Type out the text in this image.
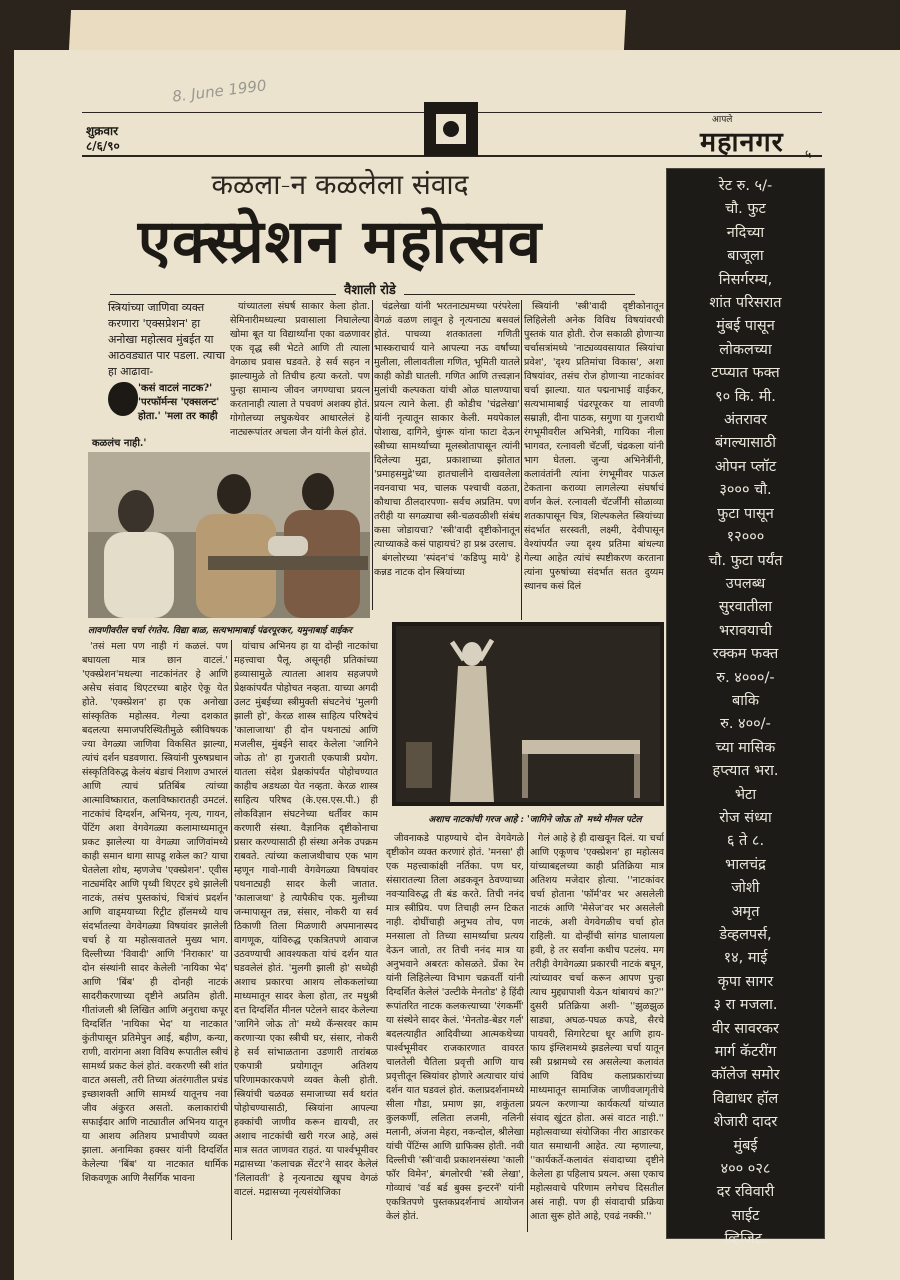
8. June 1990
शुक्रवार
८/६/९०
आपले
महानगर ५
कळला-न कळलेला संवाद
एक्स्प्रेशन महोत्सव
वैशाली रोडे
स्त्रियांच्या जाणिवा व्यक्त करणारा 'एक्सप्रेशन' हा अनोखा महोत्सव मुंबईत या आठवड्यात पार पडला. त्याचा हा आढावा-
'कसं वाटलं नाटक?' 'परफॉर्मन्स 'एक्सलन्ट' होता.' 'मला तर काही
कळलंच नाही.'

यांच्यातला संघर्ष साकार केला होता. सेमिनारीमध्यल्या प्रवासाला निघालेल्या खोमा बूत या विद्यार्थ्यांना एका वळणावर एक वृद्ध स्त्री भेटते आणि ती त्याला वेगळाच प्रवास घडवते. हे सर्व सहन न झाल्यामुळे तो तिचीच हत्या करतो. पण पुन्हा सामान्य जीवन जगण्याचा प्रयत्न करतानाही त्याला ते पचवणं अशक्य होतं. गोगोलच्या लघुकथेवर आधारलेलं हे नाट्यरूपांतर अचला जैन यांनी केलं होतं.

चंद्रलेखा यांनी भरतनाट्यमच्या परंपरेला वेगळं वळण लावून हे नृत्यनाट्य बसवलं होतं. पाचव्या शतकातला गणिती भास्कराचार्य याने आपल्या नऊ वर्षांच्या मुलीला, लीलावतीला गणित, भूमिती यातले काही कोडी घातली. गणित आणि तत्त्वज्ञान मुलांची कल्पकता यांची ओळ घालण्याचा प्रयत्न त्याने केला. ही कोडीच 'चंद्रलेखा' यांनी नृत्यातून साकार केली. मयपेकाल पोशाख, दागिने, धुंगरू यांना फाटा देऊन स्त्रीच्या सामर्थ्याच्या मूलस्त्रोतापासून त्यांनी दिलेल्या मुद्रा, प्रकाशाच्या झोतात 'प्रमाहसमुद्रे'च्या हातचालीने दाखवलेला नवनवाचा भव, चालक पश्चाची वळता, कौथाचा ठीलदारपणा- सर्वच अप्रतिम. पण तरीही या सगळ्याचा स्त्री-चळवळीशी संबंध कसा जोडायचा? 'स्त्री'वादी दृष्टीकोनातून त्याच्याकडे कसं पाहायचं? हा प्रश्न उरलाच.

बंगलोरच्या 'स्पंदन'चं 'कडिप्पु माये' हे कन्नड नाटक दोन स्त्रियांच्या

स्त्रियांनी 'स्त्री'वादी दृष्टीकोनातून लिहिलेली अनेक विविध विषयांवरची पुस्तकं यात होती. रोज सकाळी होणाऱ्या चर्चासत्रांमध्ये 'नाट्यव्यवसायात स्त्रियांचा प्रवेश', 'दृश्य प्रतिमांचा विकास', अशा विषयांवर, तसंच रोज होणाऱ्या नाटकांवर चर्चा झाल्या. यात पद्मनाभाई वाईकर, सत्यभामाबाई पंढरपूरकर या लावणी सम्राज्ञी, दीना पाठक, सगुणा या गुजराथी रंगभूमीवरील अभिनेत्री, गायिका नीला भागवत, रत्नावली चॅटर्जी, चंद्रकला यांनी भाग घेतला. जुन्या अभिनेत्रींनी, कलावंतांनी त्यांना रंगभूमीवर पाऊल टेकताना कराव्या लागलेल्या संघर्षाचं वर्णन केलं. रत्नावली चॅटर्जींनी सोळाव्या शतकापासून चित्र, शिल्पकलेत स्त्रियांच्या संदर्भात सरस्वती, लक्ष्मी, देवीपासून वेश्यांपर्यंत ज्या दृश्य प्रतिमा बांधल्या गेल्या आहेत त्यांचं स्पष्टीकरण करताना त्यांना पुरुषांच्या संदर्भात सतत दुय्यम स्थानच कसं दिलं

लावणीवरील चर्चा रंगतेय. विद्या बाळ, सत्यभामाबाई पंढरपूरकर, यमुनाबाई वाईकर

'तसं मला पण नाही गं कळलं. पण बघायला मात्र छान वाटलं.' 'एक्स्प्रेशन'मधल्या नाटकांनंतर हे आणि असेच संवाद थिएटरच्या बाहेर ऐकू येत होते. 'एक्स्प्रेशन' हा एक अनोखा सांस्कृतिक महोत्सव. गेल्या दशकात बदलत्या समाजपरिस्थितीमुळे स्त्रीविषयक ज्या वेगळ्या जाणिवा विकसित झाल्या, त्यांचं दर्शन घडवणारा. स्त्रियांनी पुरुषप्रधान संस्कृतिविरुद्ध केलंय बंडाचं निशाण उभारलं आणि त्याचं प्रतिबिंब त्यांच्या आत्माविष्कारात, कलाविष्कारातही उमटलं. नाटकांचं दिग्दर्शन, अभिनय, नृत्य, गायन, पेंटिंग अशा वेगवेगळ्या कलामाध्यमातून प्रकट झालेल्या या वेगळ्या जाणिवांमध्ये काही समान धागा सापडू शकेल का? याचा घेतलेला शोध, म्हणजेच 'एक्स्प्रेशन'. ए्वीस नाट्यमंदिर आणि पृथ्वी थिएटर इथे झालेली नाटकं, तसंच पुस्तकांचं, चित्रांचं प्रदर्शन आणि वाड्मयाच्या रिट्रीट हॉलमध्ये याच संदर्भातल्या वेगवेगळ्या विषयांवर झालेली चर्चा हे या महोत्सवातले मुख्य भाग. दिल्लीच्या 'विवादी' आणि 'निराकार' या दोन संस्थांनी सादर केलेली 'नायिका भेद' आणि 'बिंब' ही दोनही नाटकं सादरीकरणाच्या दृष्टीने अप्रतिम होती. गीतांजली श्री लिखित आणि अनुराधा कपूर दिग्दर्शित 'नायिका भेद' या नाटकात कुंतीपासून प्रतिमेपुन आई, बहीण, कन्या, राणी, वारांगना अशा विविध रूपातील स्त्रीचं सामर्थ्य प्रकट केलं होतं. वरकरणी स्त्री शांत वाटत असली, तरी तिच्या अंतरंगातील प्रचंड इच्छाशक्ती आणि सामर्थ्य यातूनच नवा जीव अंकुरत असतो. कलाकारांची सफाईदार आणि नाट्यातील अभिनय यातून या आशय अतिशय प्रभावीपणे व्यक्त झाला. अनामिका हक्सर यांनी दिग्दर्शित केलेल्या 'बिंब' या नाटकात धार्मिक शिकवणूक आणि नैसर्गिक भावना

यांचाच अभिनय हा या दोन्ही नाटकांचा महत्त्वाचा पैलू. असूनही प्रतिकांच्या हव्यासामुळे त्यातला आशय सहजपणे प्रेक्षकांपर्यंत पोहोचत नव्हता. याच्या अगदी उलट मुंबईच्या स्त्रीमुक्ती संघटनेचं 'मुलगी झाली हो', केरळ शास्त्र साहित्य परिषदेचं 'कालाजाथा' ही दोन पथनाट्यं आणि मजलीस, मुंबईने सादर केलेला 'जागिने जोऊ तो' हा गुजराती एकपात्री प्रयोग. यातला संदेश प्रेक्षकांपर्यंत पोहोचण्यात काहीच अडथळा येत नव्हता. केरळ शास्त्र साहित्य परिषद (के.एस.एस.पी.) ही लोकविज्ञान संघटनेच्या धर्तीवर काम करणारी संस्था. वैज्ञानिक दृष्टीकोनाचा प्रसार करण्यासाठी ही संस्था अनेक उपक्रम राबवते. त्यांच्या कलाजथीचाच एक भाग म्हणून गावो-गावी वेगवेगळ्या विषयांवर पथनाट्यही सादर केली जातात. 'कालाजथा' हे त्यापैकीच एक. मुलीच्या जन्मापासून तन्न, संसार, नोकरी या सर्व ठिकाणी तिला मिळणारी अपमानास्पद वागणूक, यांविरुद्ध एकत्रितपणे आवाज उठवण्याची आवश्यकता यांचं दर्शन यात घडवलेलं होतं. 'मुलगी झाली हो' सध्येही अशाच प्रकारचा आशय लोककलांच्या माध्यमातून सादर केला होता, तर मधुश्री दत्त दिग्दर्शित मीनल पटेलने सादर केलेल्या 'जागिने जोऊ तो' मध्ये कॅन्सरवर काम करणाऱ्या एका स्त्रीची घर, संसार, नोकरी हे सर्व सांभाळताना उडणारी तारांबळ एकपात्री प्रयोगातून अतिशय परिणामकारकपणे व्यक्त केली होती. स्त्रियांची चळवळ समाजाच्या सर्व थरांत पोहोचण्यासाठी, स्त्रियांना आपल्या हक्कांची जाणीव करून द्यायची, तर अशाच नाटकांची खरी गरज आहे, असं मात्र सतत जाणवत राहतं. या पार्श्वभूमीवर मद्रासच्या 'कलाचक्र सेंटर'ने सादर केलेलं 'लिलावती' हे नृत्यनाट्य खूपच वेगळं वाटलं. मद्रासच्या नृत्यसंयोजिका

अशाच नाटकांची गरज आहे : 'जागिने जोऊ तो' मध्ये मीनल पटेल

जीवनाकडे पाहण्याचे दोन वेगवेगळे दृष्टीकोन व्यक्त करणारं होतं. 'मनसा' ही एक महत्त्वाकांक्षी नर्तिका. पण घर, संसारातल्या तिला अडकवून ठेवण्याच्या नवऱ्याविरुद्ध ती बंड करते. तिची ननंद मात्र स्त्रीप्रिय. पण तिचाही लग्न टिकत नाही. दोघींचाही अनुभव तोच, पण मनसाला तो तिच्या सामर्थ्याचा प्रत्यय देऊन जातो, तर तिची ननंद मात्र या अनुभवाने अबरतः कोसळते. प्रेंका रेम यांनी लिहिलेल्या विभाग चक्रवर्ती यांनी दिग्दर्शित केलेलं 'उल्टीके मेनतोड' हे हिंदी रूपांतरित नाटक कलकत्त्याच्या 'रंगकर्मी' या संस्थेने सादर केलं. 'मेनतोड-बेडर गर्ल' बदलत्याहीत आदिवीच्या आत्मकथेच्या पार्श्वभूमीवर राजकारणात वावरत चालतेली चैतिला प्रवृत्ती आणि याच प्रवृत्तीतून स्त्रियांवर होणारे अत्याचार यांचं दर्शन यात घडवलं होतं. कलाप्रदर्शनामध्ये सीला गौडा, प्रमाण झा, शकुंतला कुलकर्णी, ललिता लजमी, नलिनी मलानी, अंजना मेहरा, नकन्दोल, श्रीलेखा यांची पेंटिंग्स आणि ग्राफिक्स होती. नवी दिल्लीची 'स्त्री'वादी प्रकाशनसंस्था 'काली फॉर विमेन', बंगलोरची 'स्त्री लेखा', गोव्याचं 'वर्ड बर्ड बुक्स इन्टरनॅ' यांनी एकत्रितपणे पुस्तकप्रदर्शनाचं आयोजन केलं होतं.

गेलं आहे हे ही दाखवून दिलं. या चर्चा आणि एकूणच 'एक्स्प्रेशन' हा महोत्सव यांच्याबद्दलच्या काही प्रतिक्रिया मात्र अतिशय मजेदार होत्या. ''नाटकांवर चर्चा होताना 'फॉर्म'वर भर असलेली नाटकं आणि 'मेसेज'वर भर असलेली नाटकं, अशी वेगवेगळीच चर्चा होत राहिली. या दोन्हींची सांगड घालायला हवी, हे तर सर्वांना कधीच पटलंय. मग तरीही वेगवेगळ्या प्रकारची नाटकं बघून, त्यांच्यावर चर्चा करून आपण पुन्हा त्याच मुद्द्यापाशी येऊन थांबायचं का?'' दुसरी प्रतिक्रिया अशी- ''झुळझुळ साड्या, अघळ-पघळ कपडे, सैरचे पायवरी, सिगारेटचा धूर आणि हाय-फाय इंग्लिशमध्ये झडलेल्या चर्चा यातून स्त्री प्रश्नामध्ये रस असलेल्या कलावंत आणि विविध कलाप्रकारांच्या माध्यमातून सामाजिक जाणीवजागृतीचे प्रयत्न करणाऱ्या कार्यकर्त्यां यांच्यात संवाद खुंटत होता. असं वाटत नाही.'' महोत्सवाच्या संयोजिका नीरा आडारकर यात समाधानी आहेत. त्या म्हणाल्या, ''कार्यकर्ते-कलावंत संवादाच्या दृष्टीने केलेला हा पहिलाच प्रयत्न. असा एकाच महोत्सवाचे परिणाम लगेचच दिसतील असं नाही. पण ही संवादाची प्रक्रिया आता सुरू होते आहे, एवढं नक्की.''

रेट रु. ५/-
चौ. फुट
नदिच्या
बाजूला
निसर्गरम्य,
शांत परिसरात
मुंबई पासून
लोकलच्या
टप्प्यात फक्त
९० कि. मी.
अंतरावर
बंगल्यासाठी
ओपन प्लॉट
३००० चौ.
फुटा पासून
१२०००
चौ. फुटा पर्यंत
उपलब्ध
सुरवातीला
भरावयाची
रक्कम फक्त
रु. ४०००/-
बाकि
रु. ४००/-
च्या मासिक
हप्त्यात भरा.
भेटा
रोज संध्या
६ ते ८.
भालचंद्र
जोशी
अमृत
डेव्हलपर्स,
१४, माई
कृपा सागर
३ रा मजला.
वीर सावरकर
मार्ग कॅटरींग
कॉलेज समोर
विद्याधर हॉल
शेजारी दादर
मुंबई
४०० ०२८
दर रविवारी
साईट
व्हिजिट.
